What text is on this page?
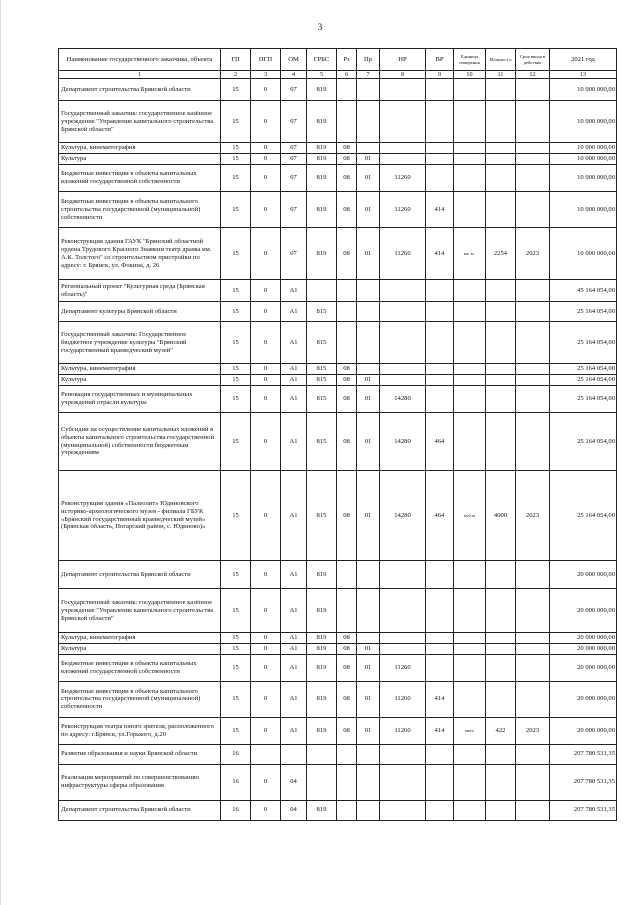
3
Наименование государственного заказчика, объекта	ГП	ПГП	ОМ	ГРБС	Рз	Пр	НР	ВР	Единица измерения	Мощност ь	Срок ввода в действие	2021 год
1	2	3	4	5	6	7	8	9	10	11	12	13
Департамент строительства Брянской области	15	0	07	819								10 000 000,00
Государственный заказчик: государственное казённое учреждение "Управление капитального строительства Брянской области"	15	0	07	819								10 000 000,00
Культура, кинематография	15	0	07	819	08							10 000 000,00
Культура	15	0	07	819	08	01						10 000 000,00
Бюджетные инвестиции в объекты капитальных вложений государственной собственности	15	0	07	819	08	01	11260					10 000 000,00
Бюджетные инвестиции в объекты капитального строительства государственной (муниципальной) собственности	15	0	07	819	08	01	11260	414				10 000 000,00
Реконструкция здания ГАУК "Брянский областной ордена Трудового Красного Знамени театр драмы им. А.К. Толстого" со строительством пристройки по адресу: г. Брянск, ул. Фокина, д. 26	15	0	07	819	08	01	11260	414	кв. м.	2254	2023	10 000 000,00
Региональный проект "Культурная среда (Брянская область)"	15	0	A1									45 164 054,00
Департамент культуры Брянской области	15	0	A1	815								25 164 054,00
Государственный заказчик: Государственное бюджетное учреждение культуры "Брянский государственный краеведческий музей"	15	0	A1	815								25 164 054,00
Культура, кинематография	15	0	A1	815	08							25 164 054,00
Культура	15	0	A1	815	08	01						25 164 054,00
Реновация государственных и муниципальных учреждений отрасли культуры	15	0	A1	815	08	01	14280					25 164 054,00
Субсидии на осуществление капитальных вложений в объекты капитального строительства государственной (муниципальной) собственности бюджетным учреждениям	15	0	A1	815	08	01	14280	464				25 164 054,00
Реконструкция здания «Палеолит» Юдиновского историко-археологического музея - филиала ГБУК «Брянский государственный краеведческий музей» (Брянская область, Погарский район, с. Юдиново)»	15	0	A1	815	08	01	14280	464	куб.м	4000	2023	25 164 054,00
Департамент строительства Брянской области	15	0	A1	819								20 000 000,00
Государственный заказчик: государственное казённое учреждение "Управление капитального строительства Брянской области"	15	0	A1	819								20 000 000,00
Культура, кинематография	15	0	A1	819	08							20 000 000,00
Культура	15	0	A1	819	08	01						20 000 000,00
Бюджетные инвестиции в объекты капитальных вложений государственной собственности	15	0	A1	819	08	01	11260					20 000 000,00
Бюджетные инвестиции в объекты капитального строительства государственной (муниципальной) собственности	15	0	A1	819	08	01	11260	414				20 000 000,00
Реконструкция театра юного зрителя, расположенного по адресу: г.Брянск, ул.Горького, д.20	15	0	A1	819	08	01	11260	414	мест	422	2023	20 000 000,00
Развитие образования и науки Брянской области	16											207 780 531,35
Реализация мероприятий по совершенствованию инфраструктуры сферы образования	16	0	04									207 780 531,35
Департамент строительства Брянской области	16	0	04	819								207 780 531,35
